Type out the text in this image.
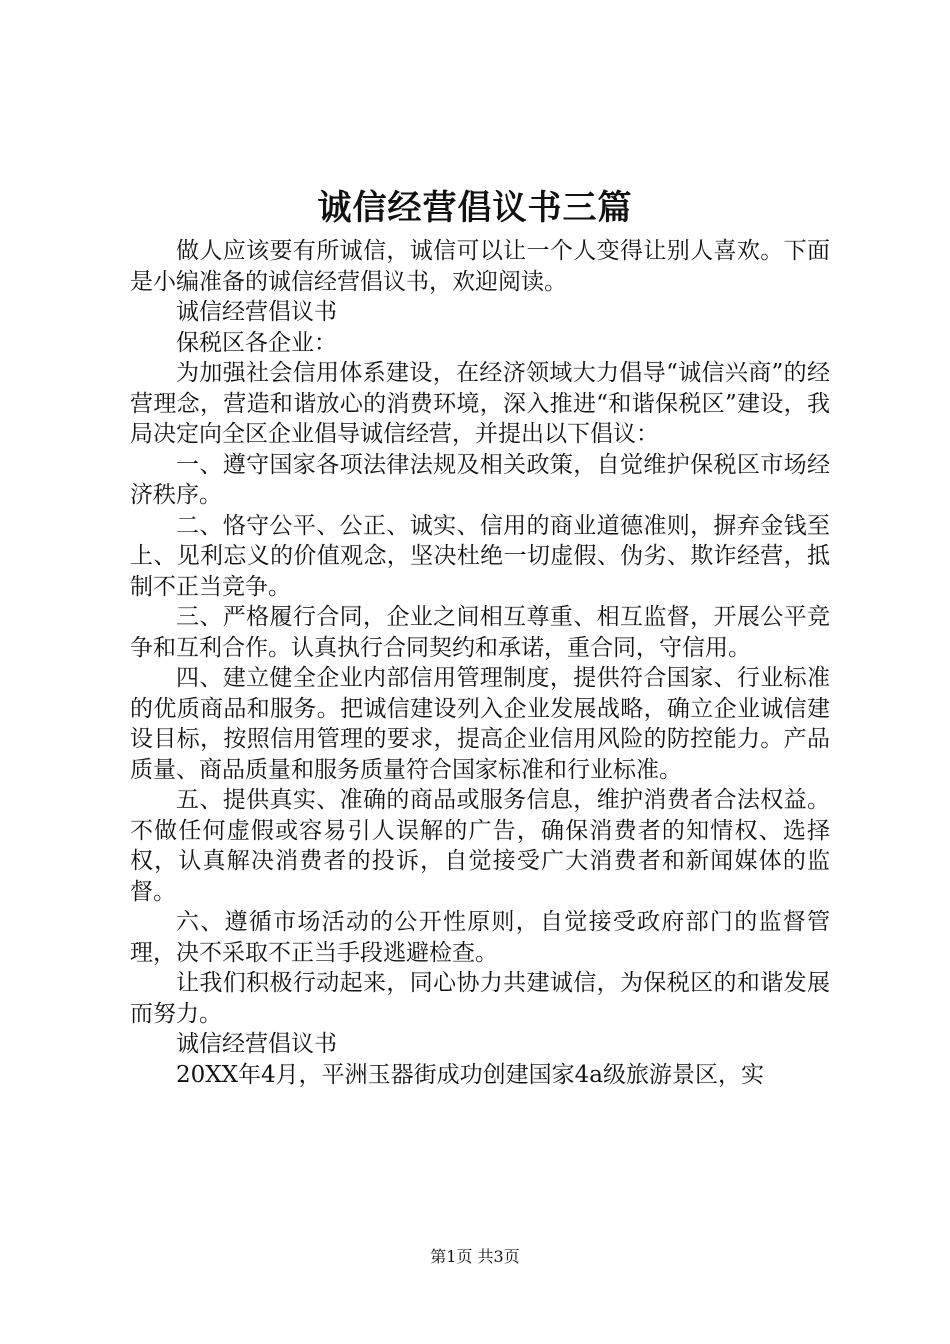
诚信经营倡议书三篇

做人应该要有所诚信，诚信可以让一个人变得让别人喜欢。下面是小编准备的诚信经营倡议书，欢迎阅读。

诚信经营倡议书

保税区各企业：

为加强社会信用体系建设，在经济领域大力倡导“诚信兴商”的经营理念，营造和谐放心的消费环境，深入推进“和谐保税区”建设，我局决定向全区企业倡导诚信经营，并提出以下倡议：

一、遵守国家各项法律法规及相关政策，自觉维护保税区市场经济秩序。

二、恪守公平、公正、诚实、信用的商业道德准则，摒弃金钱至上、见利忘义的价值观念，坚决杜绝一切虚假、伪劣、欺诈经营，抵制不正当竞争。

三、严格履行合同，企业之间相互尊重、相互监督，开展公平竞争和互利合作。认真执行合同契约和承诺，重合同，守信用。

四、建立健全企业内部信用管理制度，提供符合国家、行业标准的优质商品和服务。把诚信建设列入企业发展战略，确立企业诚信建设目标，按照信用管理的要求，提高企业信用风险的防控能力。产品质量、商品质量和服务质量符合国家标准和行业标准。

五、提供真实、准确的商品或服务信息，维护消费者合法权益。不做任何虚假或容易引人误解的广告，确保消费者的知情权、选择权，认真解决消费者的投诉，自觉接受广大消费者和新闻媒体的监督。

六、遵循市场活动的公开性原则，自觉接受政府部门的监督管理，决不采取不正当手段逃避检查。

让我们积极行动起来，同心协力共建诚信，为保税区的和谐发展而努力。

诚信经营倡议书

20XX年4月，平洲玉器街成功创建国家4a级旅游景区，实

第1页 共3页
